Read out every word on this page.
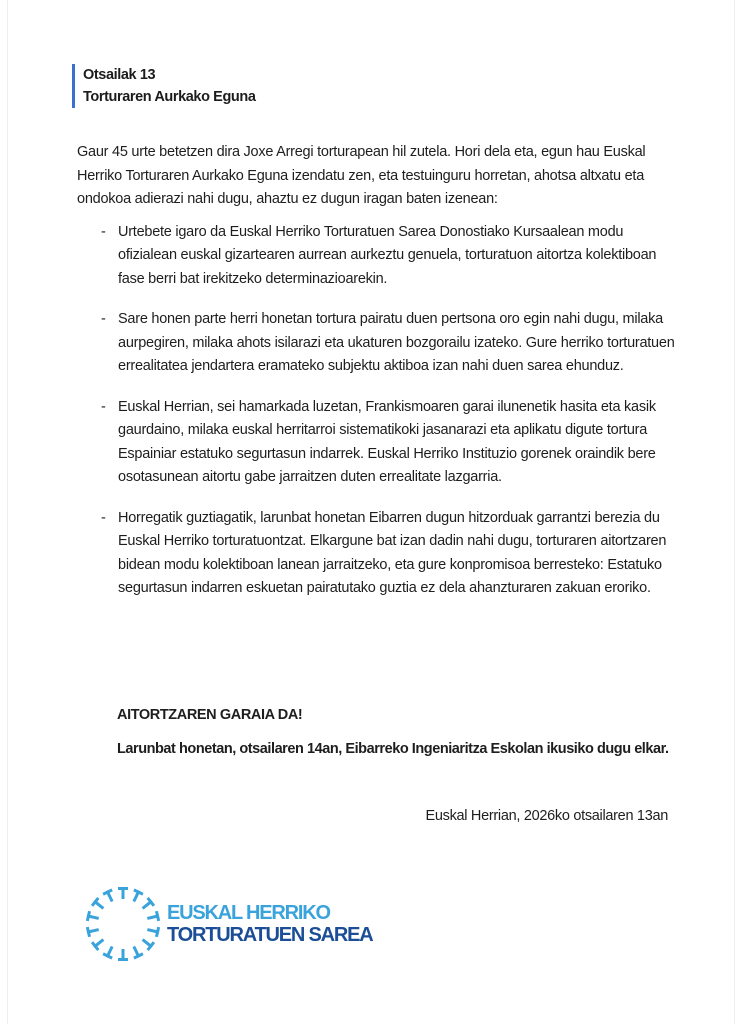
Otsailak 13
Torturaren Aurkako Eguna

Gaur 45 urte betetzen dira Joxe Arregi torturapean hil zutela. Hori dela eta, egun hau Euskal Herriko Torturaren Aurkako Eguna izendatu zen, eta testuinguru horretan, ahotsa altxatu eta ondokoa adierazi nahi dugu, ahaztu ez dugun iragan baten izenean:

- Urtebete igaro da Euskal Herriko Torturatuen Sarea Donostiako Kursaalean modu ofizialean euskal gizartearen aurrean aurkeztu genuela, torturatuon aitortza kolektiboan fase berri bat irekitzeko determinazioarekin.
- Sare honen parte herri honetan tortura pairatu duen pertsona oro egin nahi dugu, milaka aurpegiren, milaka ahots isilarazi eta ukaturen bozgorailu izateko. Gure herriko torturatuen errealitatea jendartera eramateko subjektu aktiboa izan nahi duen sarea ehunduz.
- Euskal Herrian, sei hamarkada luzetan, Frankismoaren garai ilunenetik hasita eta kasik gaurdaino, milaka euskal herritarroi sistematikoki jasanarazi eta aplikatu digute tortura Espainiar estatuko segurtasun indarrek. Euskal Herriko Instituzio gorenek oraindik bere osotasunean aitortu gabe jarraitzen duten errealitate lazgarria.
- Horregatik guztiagatik, larunbat honetan Eibarren dugun hitzorduak garrantzi berezia du Euskal Herriko torturatuontzat. Elkargune bat izan dadin nahi dugu, torturaren aitortzaren bidean modu kolektiboan lanean jarraitzeko, eta gure konpromisoa berresteko: Estatuko segurtasun indarren eskuetan pairatutako guztia ez dela ahanzturaren zakuan eroriko.
AITORTZAREN GARAIA DA!
Larunbat honetan, otsailaren 14an, Eibarreko Ingeniaritza Eskolan ikusiko dugu elkar.
Euskal Herrian, 2026ko otsailaren 13an
EUSKAL HERRIKO
TORTURATUEN SAREA
